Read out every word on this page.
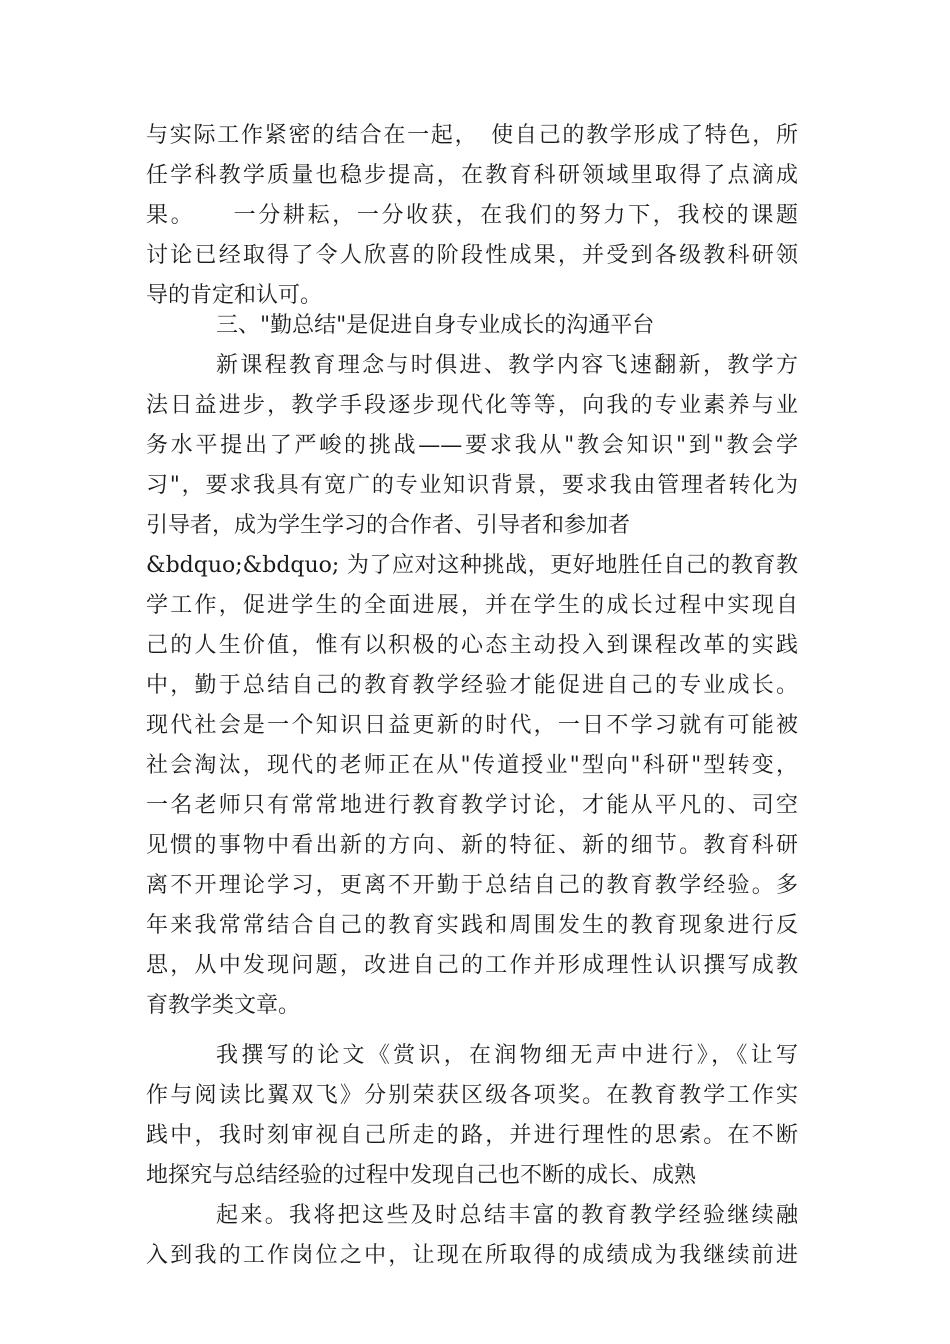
与实际工作紧密的结合在一起，　使自己的教学形成了特色，所
任学科教学质量也稳步提高，在教育科研领域里取得了点滴成
果。　　一分耕耘，一分收获，在我们的努力下，我校的课题
讨论已经取得了令人欣喜的阶段性成果，并受到各级教科研领
导的肯定和认可。
三、"勤总结"是促进自身专业成长的沟通平台
新课程教育理念与时俱进、教学内容飞速翻新，教学方
法日益进步，教学手段逐步现代化等等，向我的专业素养与业
务水平提出了严峻的挑战——要求我从"教会知识"到"教会学
习"，要求我具有宽广的专业知识背景，要求我由管理者转化为
引导者，成为学生学习的合作者、引导者和参加者
&bdquo;&bdquo; 为了应对这种挑战，更好地胜任自己的教育教
学工作，促进学生的全面进展，并在学生的成长过程中实现自
己的人生价值，惟有以积极的心态主动投入到课程改革的实践
中，勤于总结自己的教育教学经验才能促进自己的专业成长。
现代社会是一个知识日益更新的时代，一日不学习就有可能被
社会淘汰，现代的老师正在从"传道授业"型向"科研"型转变，
一名老师只有常常地进行教育教学讨论，才能从平凡的、司空
见惯的事物中看出新的方向、新的特征、新的细节。教育科研
离不开理论学习，更离不开勤于总结自己的教育教学经验。多
年来我常常结合自己的教育实践和周围发生的教育现象进行反
思，从中发现问题，改进自己的工作并形成理性认识撰写成教
育教学类文章。
我撰写的论文《赏识，在润物细无声中进行》，《让写
作与阅读比翼双飞》分别荣获区级各项奖。在教育教学工作实
践中，我时刻审视自己所走的路，并进行理性的思索。在不断
地探究与总结经验的过程中发现自己也不断的成长、成熟
起来。我将把这些及时总结丰富的教育教学经验继续融
入到我的工作岗位之中，让现在所取得的成绩成为我继续前进
